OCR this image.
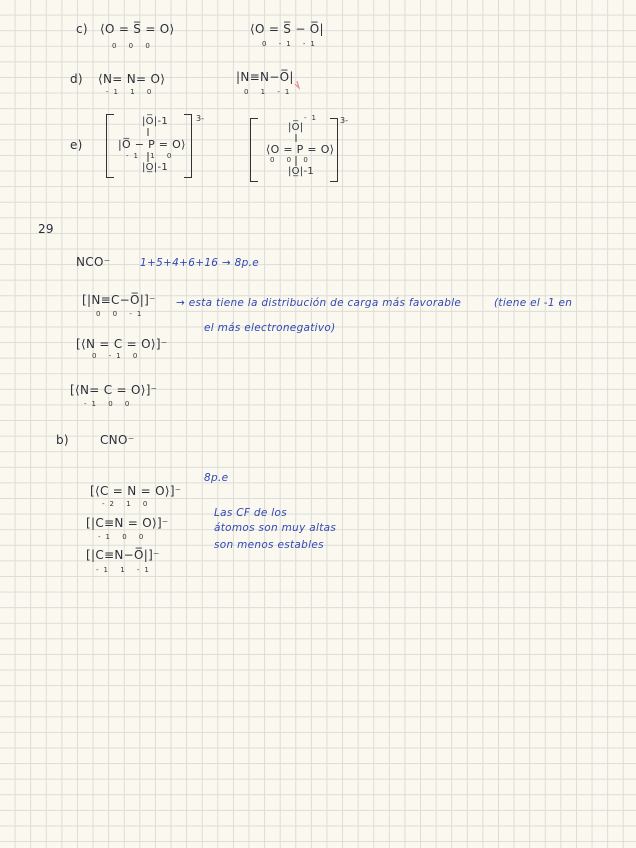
c) ⟨O = S̅ = O⟩
0 0 0
⟨O = S̅ − O̅|
0 -1 -1
d) ⟨N= N= O⟩
-1 1 0
|N≡N−O̅|
0 1 -1
e)
3-
|O̅|-1
|O̅ − P = O⟩
-1 1 0
|O̲|-1
3-
|O̅|
-1
⟨O = P = O⟩
0 0 0
|O̲|-1
29
NCO⁻	1+5+4+6+16 → 8p.e
[|N≡C−O̅|]⁻
0 0 -1
→ esta tiene la distribución de carga más favorable	(tiene el -1 en
el más electronegativo)
[⟨N = C = O⟩]⁻
0 -1 0
[⟨N= C = O⟩]⁻
-1 0 0
b)	CNO⁻
8p.e
[⟨C = N = O⟩]⁻
-2 1 0
[|C≡N = O⟩]⁻
-1 0 0
[|C≡N−O̅|]⁻
-1 1 -1
Las CF de los
átomos son muy altas
son menos estables
